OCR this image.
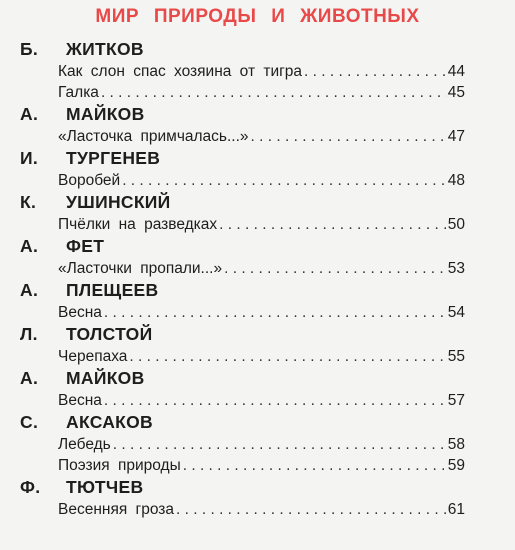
МИР ПРИРОДЫ И ЖИВОТНЫХ
Б. ЖИТКОВ
Как слон спас хозяина от тигра . . .	44
Галка . . .	45
А. МАЙКОВ
«Ласточка примчалась...» . . .	47
И. ТУРГЕНЕВ
Воробей . . .	48
К. УШИНСКИЙ
Пчёлки на разведках . . .	50
А. ФЕТ
«Ласточки пропали...» . . .	53
А. ПЛЕЩЕЕВ
Весна . . .	54
Л. ТОЛСТОЙ
Черепаха . . .	55
А. МАЙКОВ
Весна . . .	57
С. АКСАКОВ
Лебедь . . .	58
Поэзия природы . . .	59
Ф. ТЮТЧЕВ
Весенняя гроза . . .	61
